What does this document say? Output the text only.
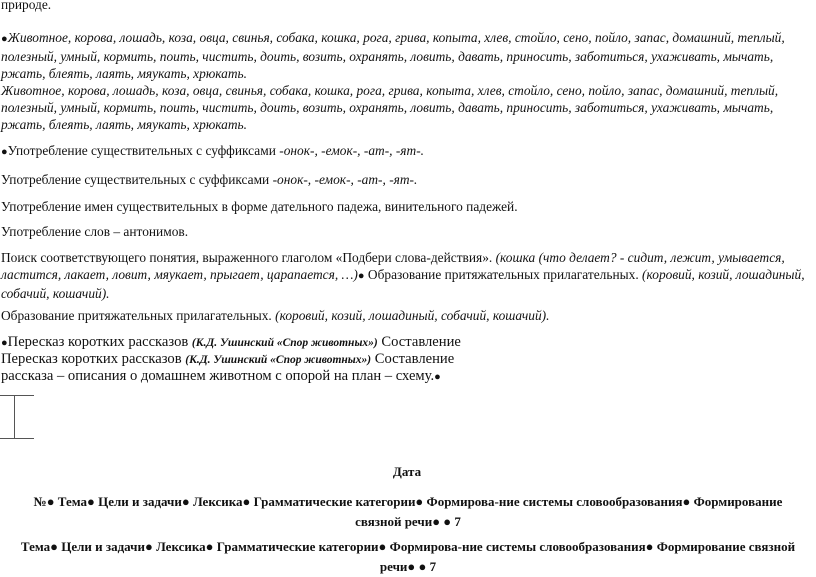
природе.

●Животное, корова, лошадь, коза, овца, свинья, собака, кошка, рога, грива, копыта, хлев, стойло, сено, пойло, запас, домашний, теплый, полезный, умный, кормить, поить, чистить, доить, возить, охранять, ловить, давать, приносить, заботиться, ухаживать, мычать, ржать, блеять, лаять, мяукать, хрюкать.

Животное, корова, лошадь, коза, овца, свинья, собака, кошка, рога, грива, копыта, хлев, стойло, сено, пойло, запас, домашний, теплый, полезный, умный, кормить, поить, чистить, доить, возить, охранять, ловить, давать, приносить, заботиться, ухаживать, мычать, ржать, блеять, лаять, мяукать, хрюкать.

●Употребление существительных с суффиксами -онок-, -емок-, -ат-, -ят-.

Употребление существительных с суффиксами -онок-, -емок-, -ат-, -ят-.

Употребление имен существительных в форме дательного падежа, винительного падежей.

Употребление слов – антонимов.

Поиск соответствующего понятия, выраженного глаголом «Подбери слова-действия». (кошка (что делает? - сидит, лежит, умывается, ластится, лакает, ловит, мяукает, прыгает, царапается, …)● Образование притяжательных прилагательных. (коровий, козий, лошадиный, собачий, кошачий).

Образование притяжательных прилагательных. (коровий, козий, лошадиный, собачий, кошачий).

●Пересказ коротких рассказов (К.Д. Ушинский «Спор животных») Составление

Пересказ коротких рассказов (К.Д. Ушинский «Спор животных») Составление

рассказа – описания о домашнем животном с опорой на план – схему.●

Дата

№● Тема● Цели и задачи● Лексика● Грамматические категории● Формирова-ние системы словообразования● Формирование связной речи● ● 7

Тема● Цели и задачи● Лексика● Грамматические категории● Формирова-ние системы словообразования● Формирование связной речи● ● 7
